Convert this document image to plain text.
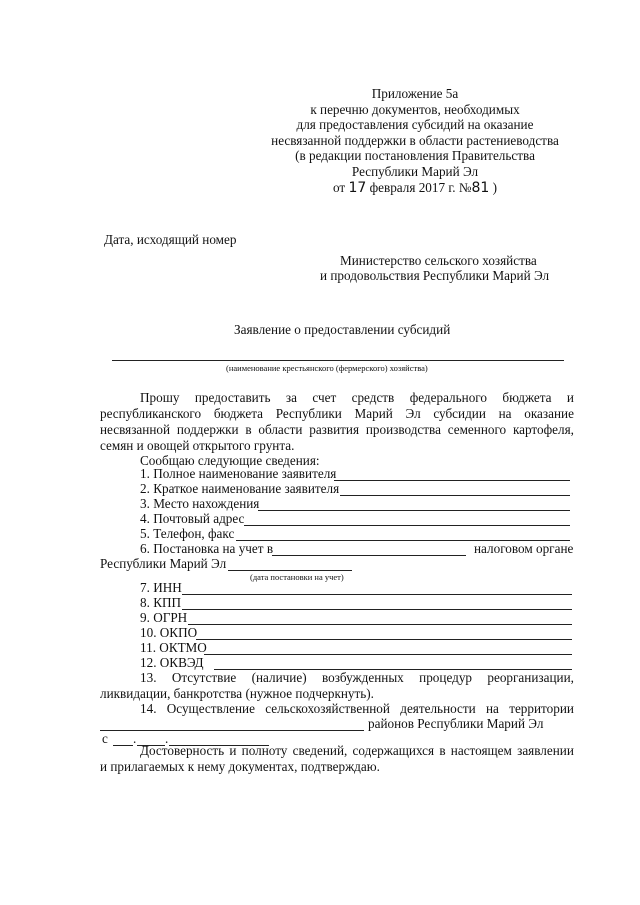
Приложение 5а
к перечню документов, необходимых
для предоставления субсидий на оказание
несвязанной поддержки в области растениеводства
(в редакции постановления Правительства
Республики Марий Эл
от 17 февраля 2017 г. №81 )
Дата, исходящий номер
Министерство сельского хозяйства
и продовольствия Республики Марий Эл
Заявление о предоставлении субсидий
(наименование крестьянского (фермерского) хозяйства)
Прошу предоставить за счет средств федерального бюджета и
республиканского бюджета Республики Марий Эл субсидии на оказание
несвязанной поддержки в области развития производства семенного картофеля,
семян и овощей открытого грунта.
Сообщаю следующие сведения:
1. Полное наименование заявителя
2. Краткое наименование заявителя
3. Место нахождения
4. Почтовый адрес
5. Телефон, факс
6. Постановка на учет в	налоговом органе
Республики Марий Эл
(дата постановки на учет)
7. ИНН
8. КПП
9. ОГРН
10. ОКПО
11. ОКТМО
12. ОКВЭД
13. Отсутствие (наличие) возбужденных процедур реорганизации,
ликвидации, банкротства (нужное подчеркнуть).
14. Осуществление сельскохозяйственной деятельности на территории
районов Республики Марий Эл
с . .
Достоверность и полноту сведений, содержащихся в настоящем заявлении
и прилагаемых к нему документах, подтверждаю.
